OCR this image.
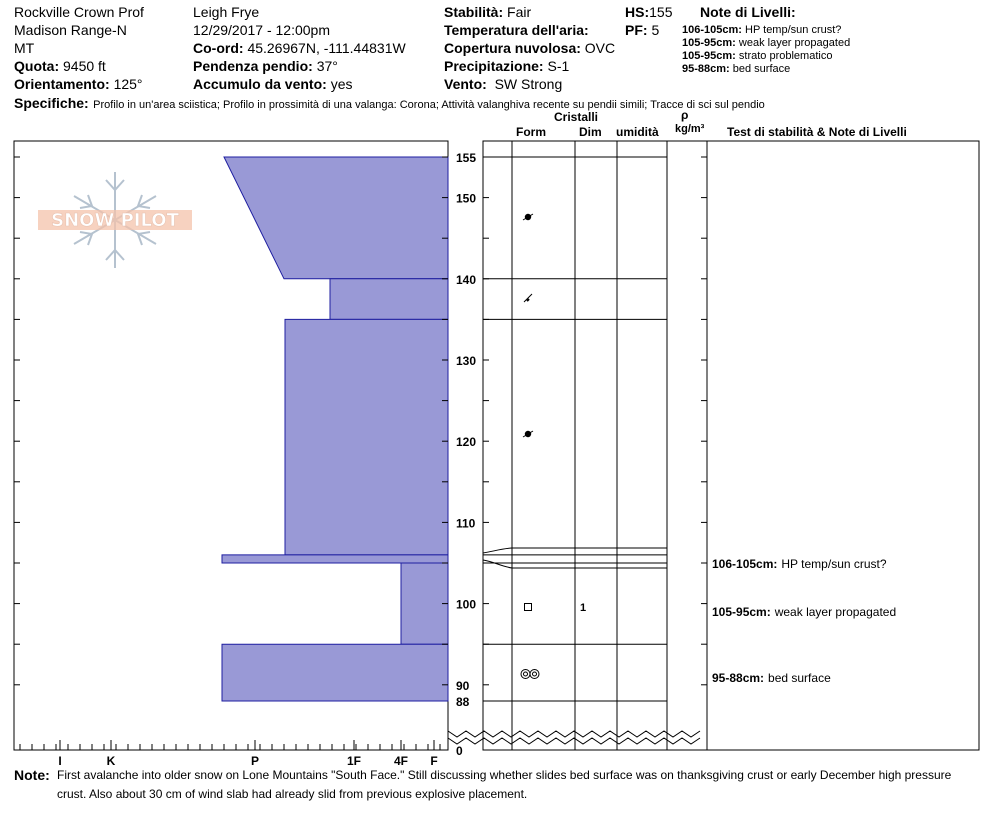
Rockville Crown Prof
Madison Range-N
MT
Quota: 9450 ft
Orientamento: 125°
Leigh Frye
12/29/2017 - 12:00pm
Co-ord: 45.26967N, -111.44831W
Pendenza pendio: 37°
Accumulo da vento: yes
Stabilità: Fair
Temperatura dell'aria:
Copertura nuvolosa: OVC
Precipitazione: S-1
Vento: SW Strong
HS:155
PF: 5
Note di Livelli:
106-105cm: HP temp/sun crust?
105-95cm: weak layer propagated
105-95cm: strato problematico
95-88cm: bed surface
Specifiche: Profilo in un'area sciistica; Profilo in prossimità di una valanga: Corona; Attività valanghiva recente su pendii simili; Tracce di sci sul pendio
Cristalli
Form	Dim umidità
ρ
kg/m³ Test di stabilità & Note di Livelli
SNOW PILOT
155
150
140
130
120
110
100
90
88
0
I	K	P	1F	4F F
1
106-105cm: HP temp/sun crust?
105-95cm: weak layer propagated
95-88cm: bed surface
Note: First avalanche into older snow on Lone Mountains "South Face." Still discussing whether slides bed surface was on thanksgiving crust or early December high pressure
crust. Also about 30 cm of wind slab had already slid from previous explosive placement.
